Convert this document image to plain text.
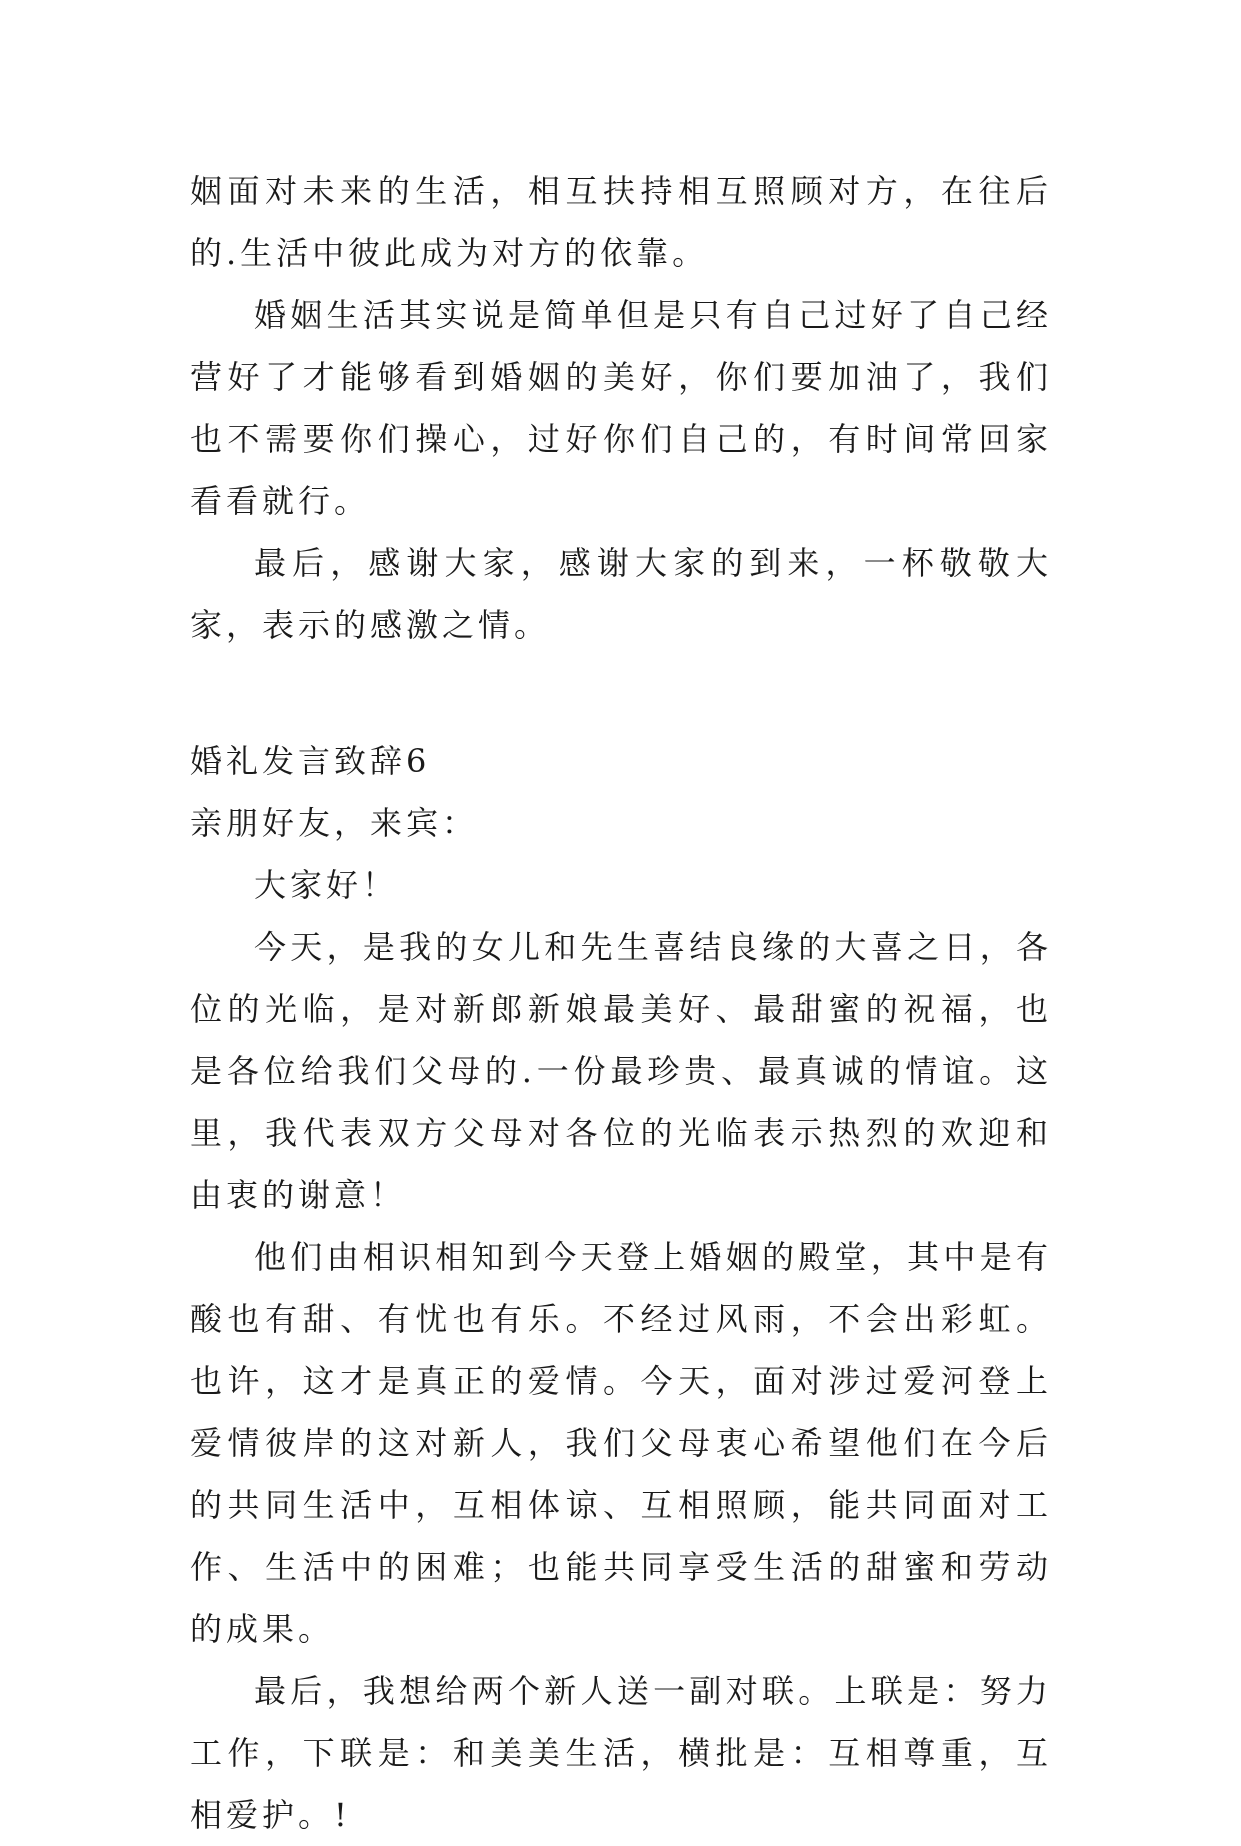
姻面对未来的生活，相互扶持相互照顾对方，在往后的.生活中彼此成为对方的依靠。

婚姻生活其实说是简单但是只有自己过好了自己经营好了才能够看到婚姻的美好，你们要加油了，我们也不需要你们操心，过好你们自己的，有时间常回家看看就行。

最后，感谢大家，感谢大家的到来，一杯敬敬大家，表示的感激之情。

婚礼发言致辞6

亲朋好友，来宾：

大家好！

今天，是我的女儿和先生喜结良缘的大喜之日，各位的光临，是对新郎新娘最美好、最甜蜜的祝福，也是各位给我们父母的.一份最珍贵、最真诚的情谊。这里，我代表双方父母对各位的光临表示热烈的欢迎和由衷的谢意！

他们由相识相知到今天登上婚姻的殿堂，其中是有酸也有甜、有忧也有乐。不经过风雨，不会出彩虹。也许，这才是真正的爱情。今天，面对涉过爱河登上爱情彼岸的这对新人，我们父母衷心希望他们在今后的共同生活中，互相体谅、互相照顾，能共同面对工作、生活中的困难；也能共同享受生活的甜蜜和劳动的成果。

最后，我想给两个新人送一副对联。上联是：努力工作，下联是：和美美生活，横批是：互相尊重，互相爱护。!
